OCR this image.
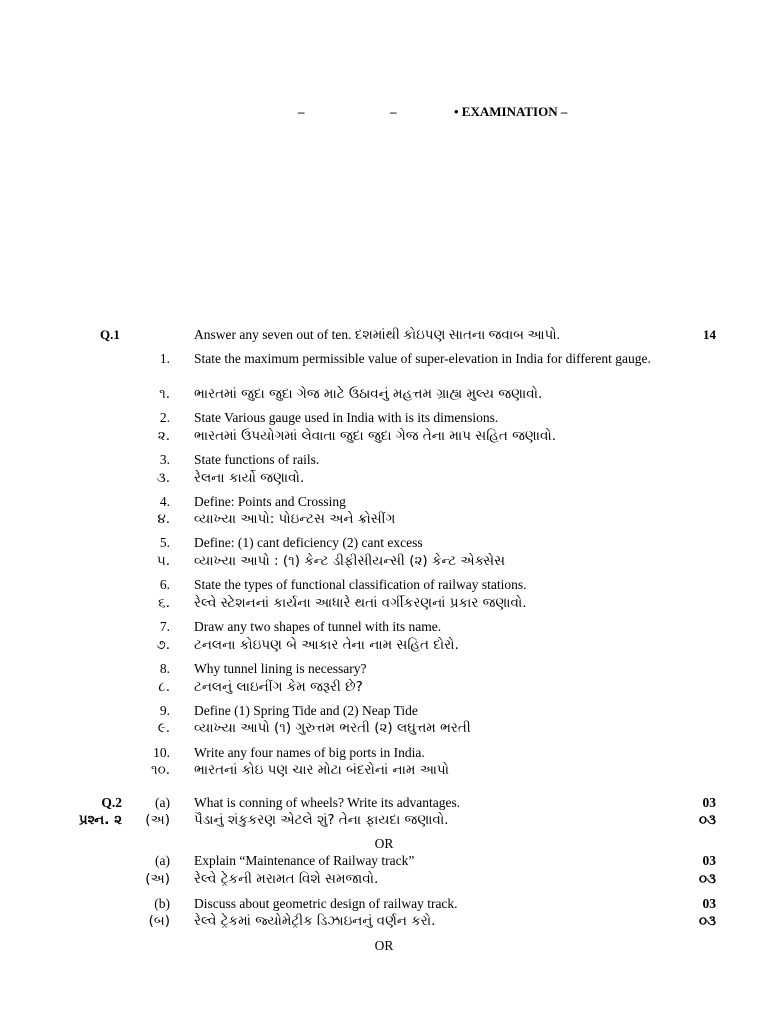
–	–	• EXAMINATION –
Q.1	Answer any seven out of ten. દશમાંથી કોઇપણ સાતના જવાબ આપો.	14
1. State the maximum permissible value of super-elevation in India for different gauge.
૧. ભારતમાં જુદા જુદા ગેજ માટે ઉઠાવનું મહત્તમ ગ્રાહ્ય મુલ્ય જણાવો.
2. State Various gauge used in India with is its dimensions.
૨. ભારતમાં ઉપયોગમાં લેવાતા જુદા જુદા ગેજ તેના માપ સહિત જણાવો.
3. State functions of rails.
૩. રેલના કાર્યો જણાવો.
4. Define: Points and Crossing
૪. વ્યાખ્યા આપો: પોઇન્ટસ અને ક્રોસીંગ
5. Define: (1) cant deficiency (2) cant excess
૫. વ્યાખ્યા આપો : (૧) કેન્ટ ડીફીસીયન્સી (૨) કેન્ટ એક્સેસ
6. State the types of functional classification of railway stations.
૬. રેલ્વે સ્ટેશનનાં કાર્યના આધારે થતાં વર્ગીકરણનાં પ્રકાર જણાવો.
7. Draw any two shapes of tunnel with its name.
૭. ટનલના કોઇપણ બે આકાર તેના નામ સહિત દોરો.
8. Why tunnel lining is necessary?
૮. ટનલનું લાઇનીંગ કેમ જરૂરી છે?
9. Define (1) Spring Tide and (2) Neap Tide
૯. વ્યાખ્યા આપો (૧) ગુરુત્તમ ભરતી (૨) લઘુત્તમ ભરતી
10. Write any four names of big ports in India.
૧૦. ભારતનાં કોઇ પણ ચાર મોટા બંદરોનાં નામ આપો
Q.2	(a) What is conning of wheels? Write its advantages.	03
પ્રશ્ન. ૨	(અ) પૈડાનું શંકુકરણ એટલે શું? તેના ફાયદા જણાવો.	૦૩
OR
(a) Explain “Maintenance of Railway track”	03
(અ) રેલ્વે ટ્રેકની મરામત વિશે સમજાવો.	૦૩
(b) Discuss about geometric design of railway track.	03
(બ) રેલ્વે ટ્રેકમાં જ્યોમેટ્રીક ડિઝાઇનનું વર્ણન કરો.	૦૩
OR
